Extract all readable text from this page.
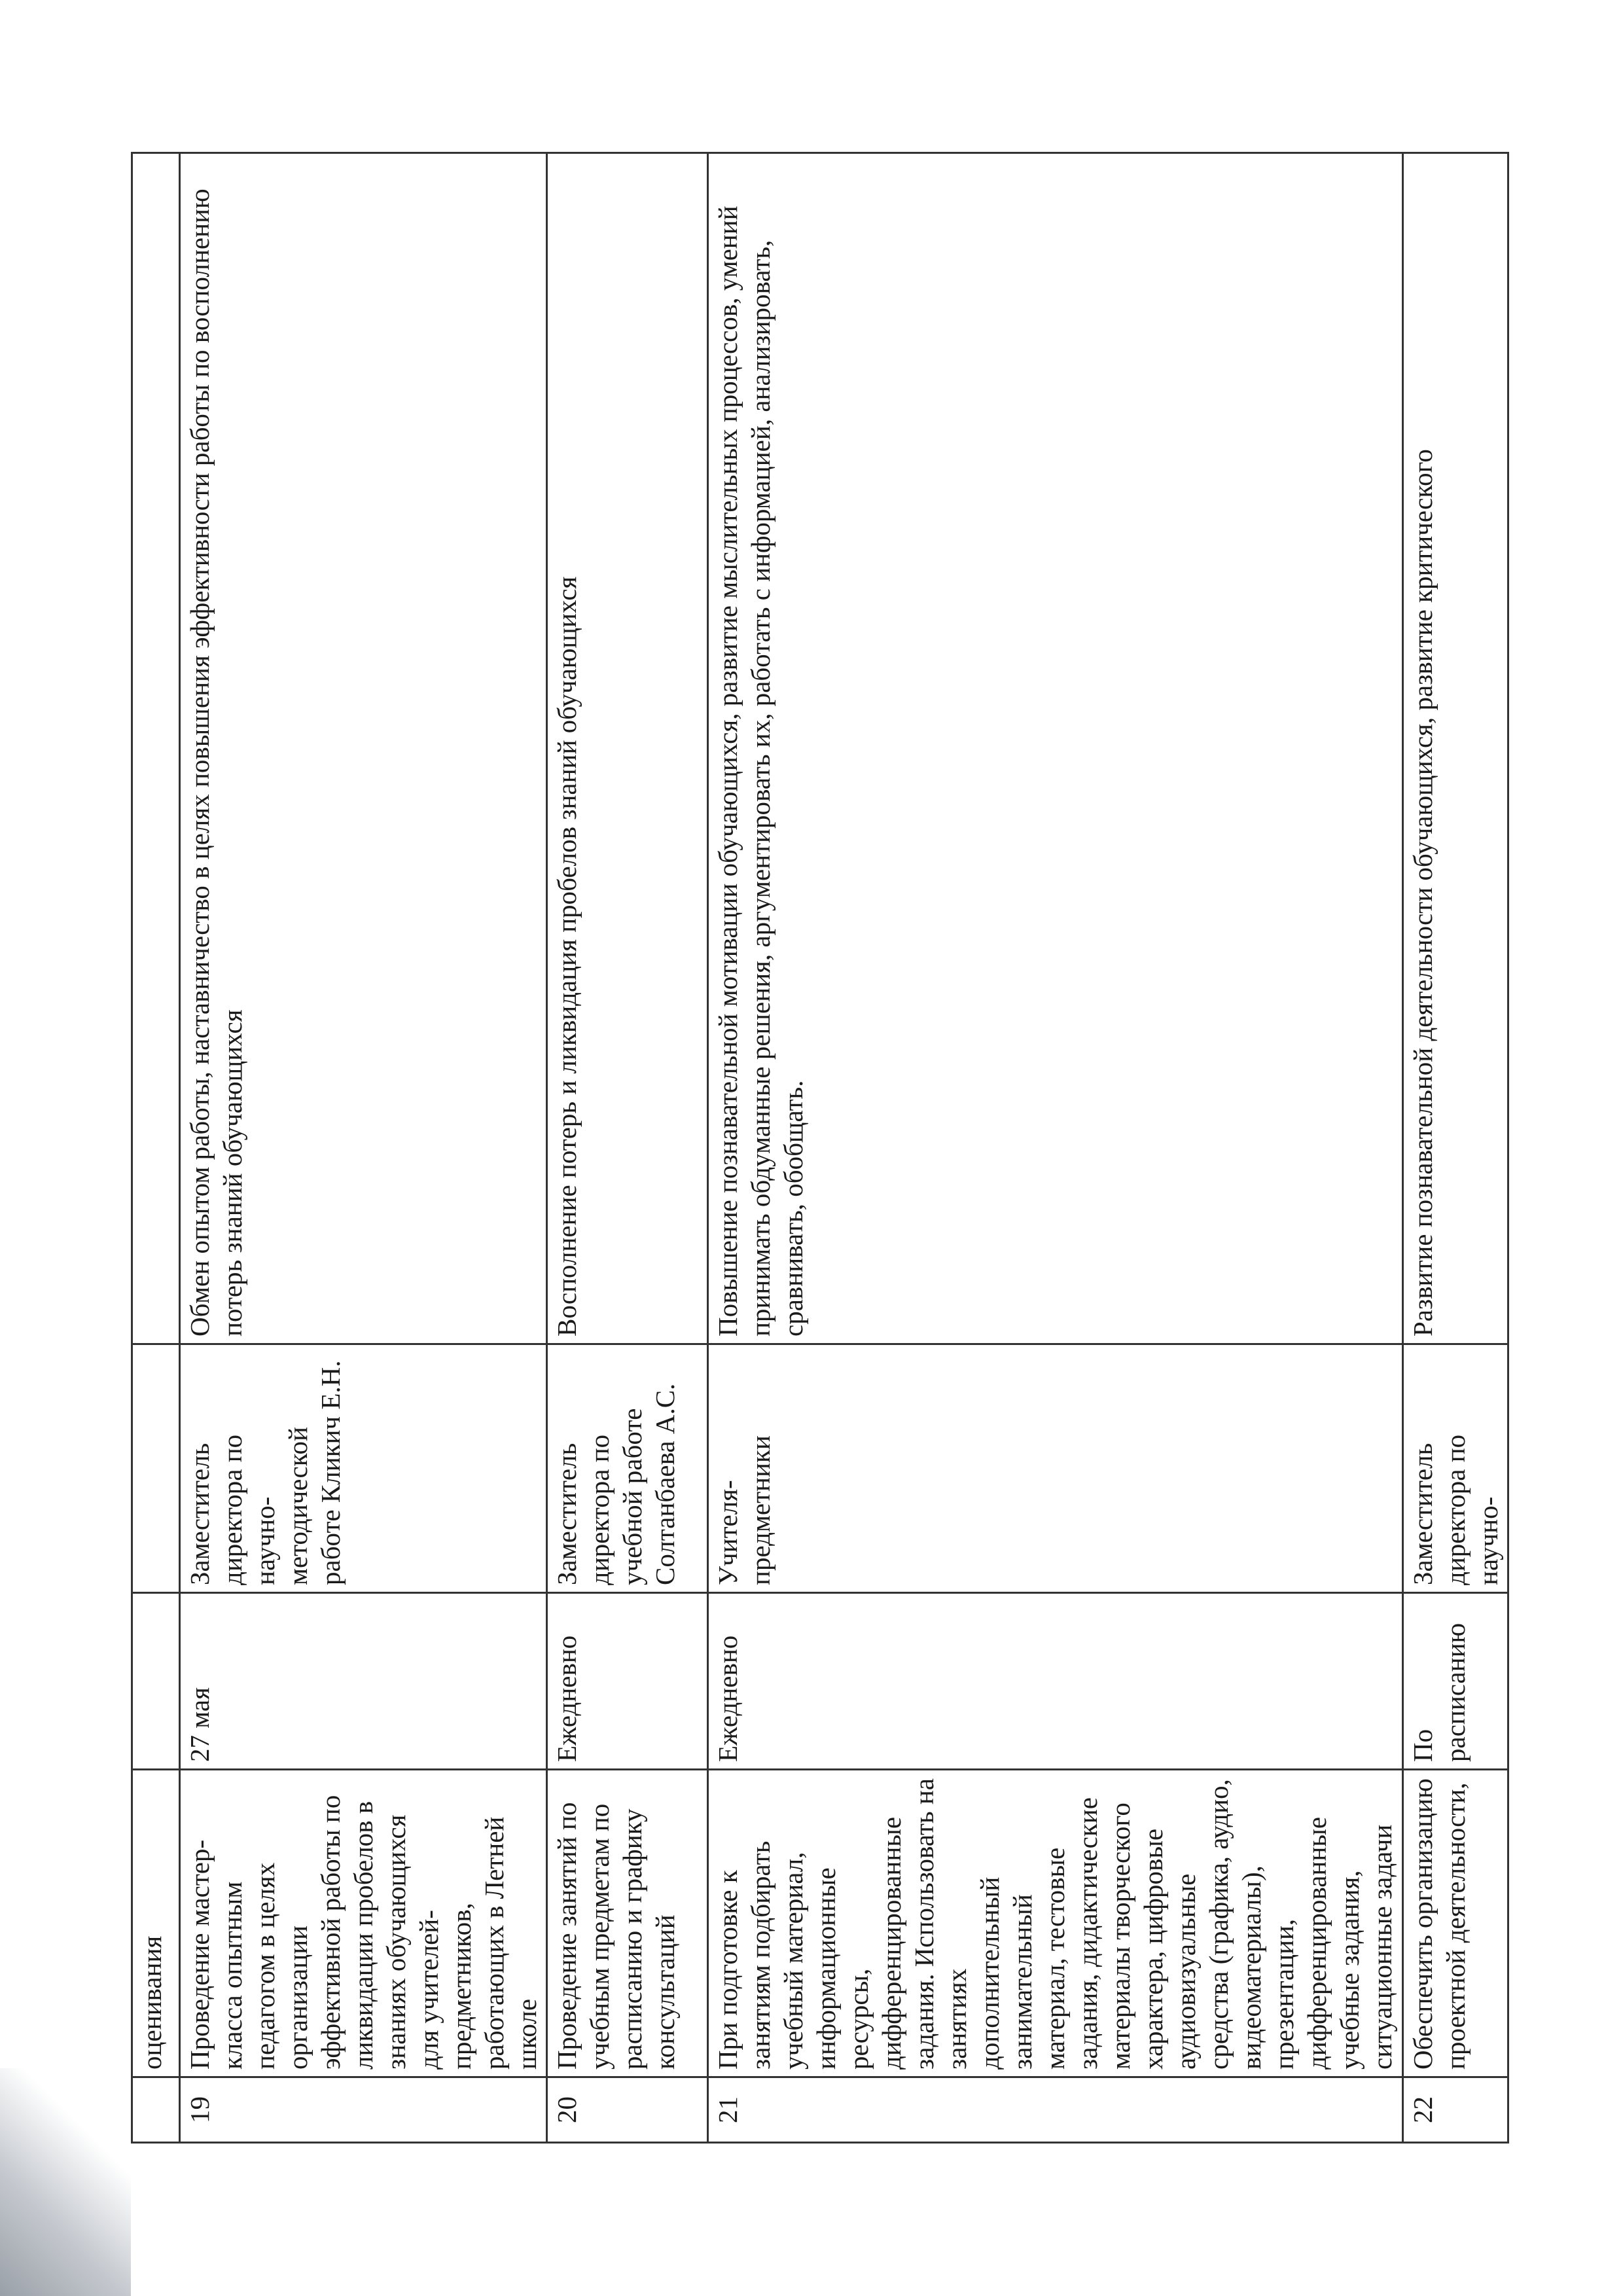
	оценивания			
19	Проведение мастер-класса опытным педагогом в целях организации эффективной работы по ликвидации пробелов в знаниях обучающихся для учителей-предметников, работающих в Летней школе	27 мая	Заместитель директора по научно-методической работе Кликич Е.Н.	Обмен опытом работы, наставничество в целях повышения эффективности работы по восполнению потерь знаний обучающихся
20	Проведение занятий по учебным предметам по расписанию и графику консультаций	Ежедневно	Заместитель директора по учебной работе Солтанбаева А.С.	Восполнение потерь и ликвидация пробелов знаний обучающихся
21	При подготовке к занятиям подбирать учебный материал, информационные ресурсы, дифференцированные задания. Использовать на занятиях дополнительный занимательный материал, тестовые задания, дидактические материалы творческого характера, цифровые аудиовизуальные средства (графика, аудио, видеоматериалы), презентации, дифференцированные учебные задания, ситуационные задачи	Ежедневно	Учителя-предметники	Повышение познавательной мотивации обучающихся, развитие мыслительных процессов, умений принимать обдуманные решения, аргументировать их, работать с информацией, анализировать, сравнивать, обобщать.
22	Обеспечить организацию проектной деятельности,	По расписанию	Заместитель директора по научно-	Развитие познавательной деятельности обучающихся, развитие критического
